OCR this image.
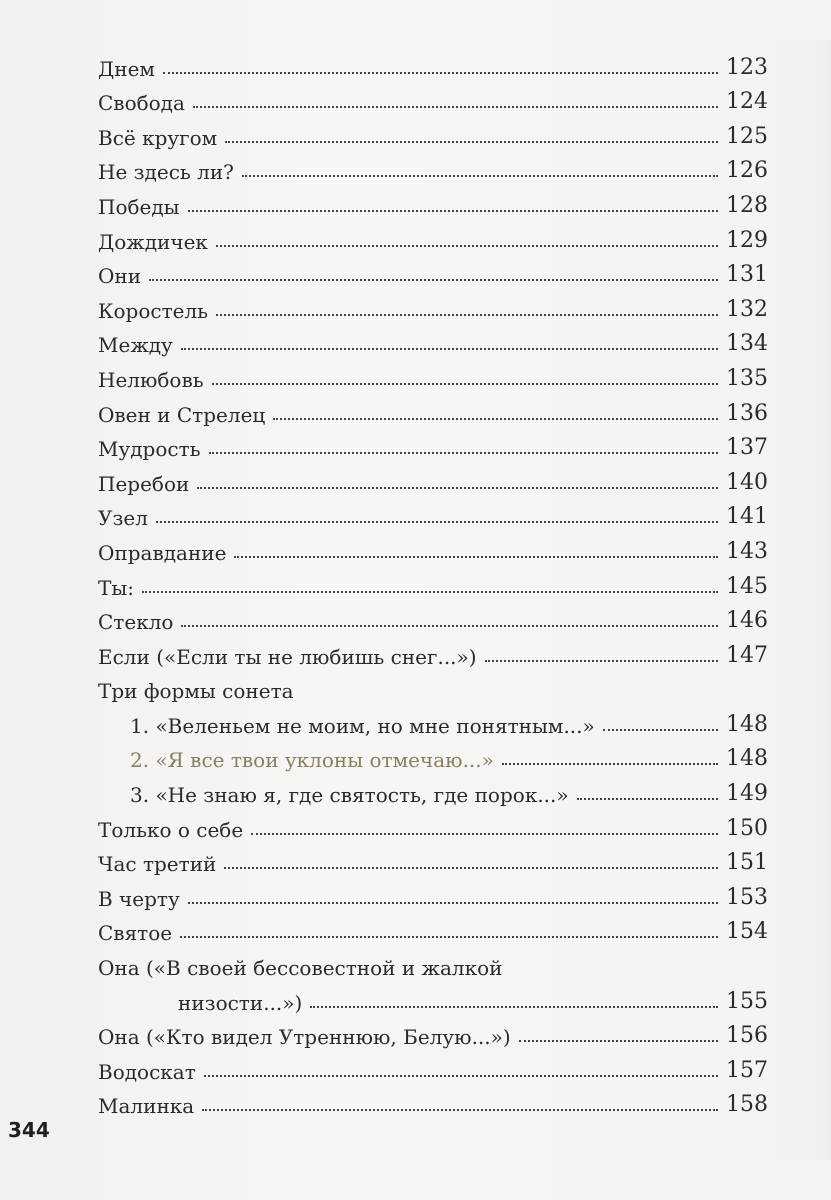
Днем	123
Свобода	124
Всё кругом	125
Не здесь ли?	126
Победы	128
Дождичек	129
Они	131
Коростель	132
Между	134
Нелюбовь	135
Овен и Стрелец	136
Мудрость	137
Перебои	140
Узел	141
Оправдание	143
Ты:	145
Стекло	146
Если («Если ты не любишь снег...»)	147
Три формы сонета
1. «Веленьем не моим, но мне понятным...»	148
2. «Я все твои уклоны отмечаю...»	148
3. «Не знаю я, где святость, где порок...»	149
Только о себе	150
Час третий	151
В черту	153
Святое	154
Она («В своей бессовестной и жалкой
низости...»)	155
Она («Кто видел Утреннюю, Белую...»)	156
Водоскат	157
Малинка	158
344
